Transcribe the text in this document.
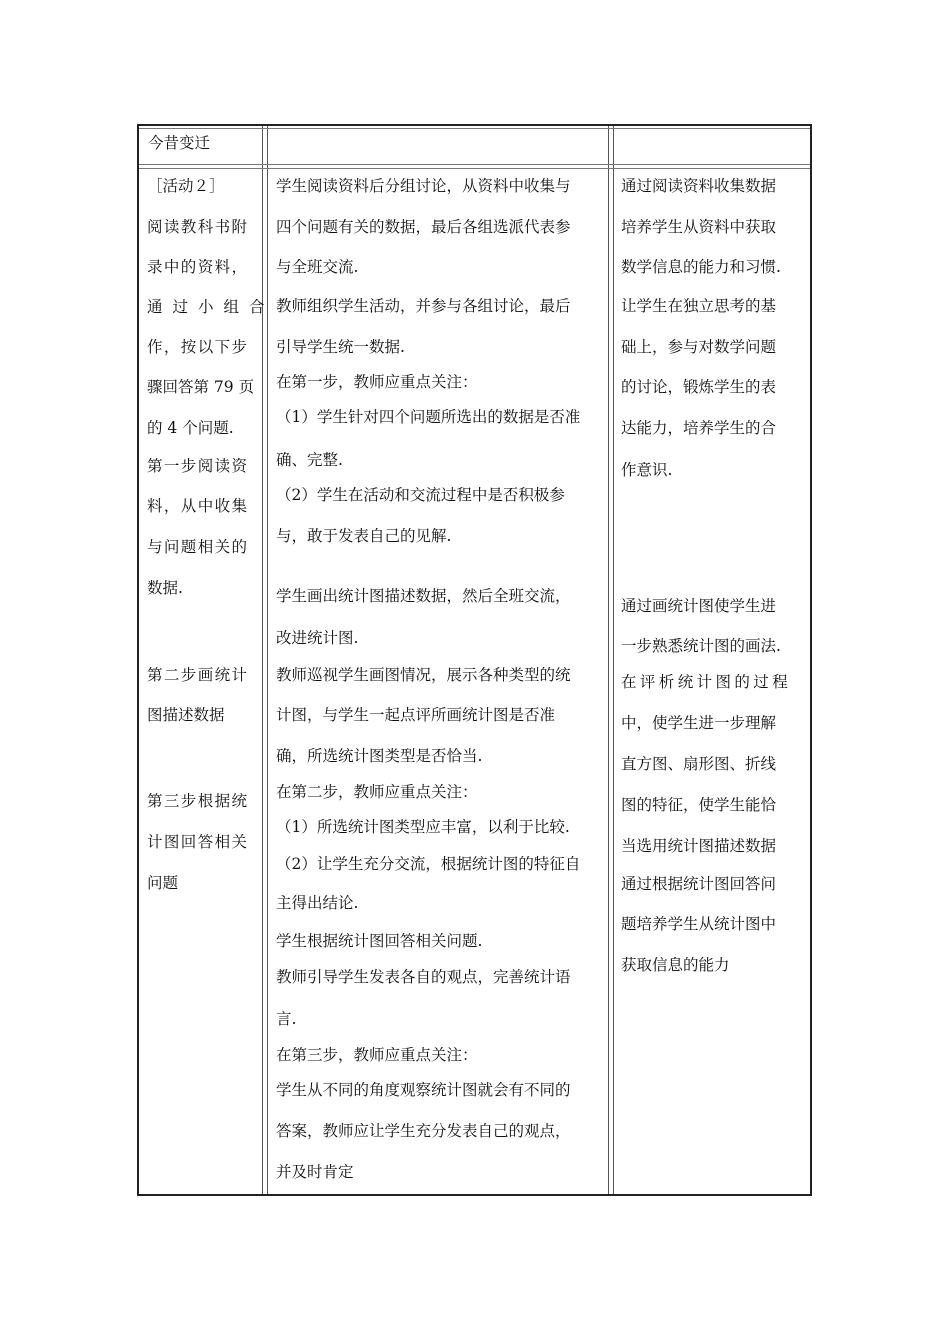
今昔变迁

［活动２］

阅读教科书附

录中的资料，

通过小组合

作，按以下步

骤回答第 79 页

的 4 个问题.

第一步阅读资

料，从中收集

与问题相关的

数据.

第二步画统计

图描述数据

第三步根据统

计图回答相关

问题

学生阅读资料后分组讨论，从资料中收集与

四个问题有关的数据，最后各组选派代表参

与全班交流.

教师组织学生活动，并参与各组讨论，最后

引导学生统一数据.

在第一步，教师应重点关注：

（1）学生针对四个问题所选出的数据是否准

确、完整.

（2）学生在活动和交流过程中是否积极参

与，敢于发表自己的见解.

学生画出统计图描述数据，然后全班交流，

改进统计图.

教师巡视学生画图情况，展示各种类型的统

计图，与学生一起点评所画统计图是否准

确，所选统计图类型是否恰当.

在第二步，教师应重点关注：

（1）所选统计图类型应丰富，以利于比较.

（2）让学生充分交流，根据统计图的特征自

主得出结论.

学生根据统计图回答相关问题.

教师引导学生发表各自的观点，完善统计语

言.

在第三步，教师应重点关注：

学生从不同的角度观察统计图就会有不同的

答案，教师应让学生充分发表自己的观点，

并及时肯定

通过阅读资料收集数据

培养学生从资料中获取

数学信息的能力和习惯.

让学生在独立思考的基

础上，参与对数学问题

的讨论，锻炼学生的表

达能力，培养学生的合

作意识.

通过画统计图使学生进

一步熟悉统计图的画法.

在评析统计图的过程

中，使学生进一步理解

直方图、扇形图、折线

图的特征，使学生能恰

当选用统计图描述数据

通过根据统计图回答问

题培养学生从统计图中

获取信息的能力
